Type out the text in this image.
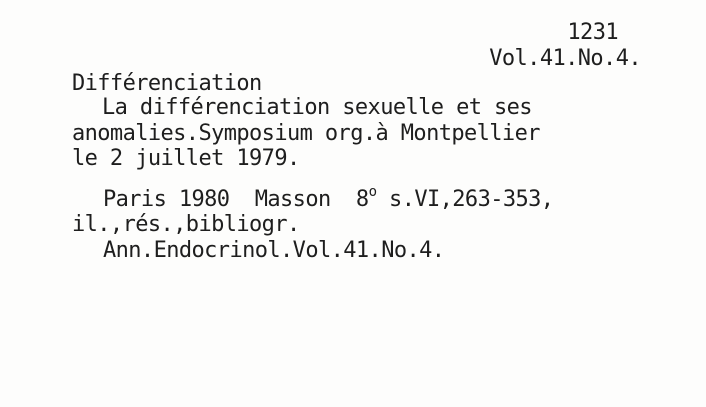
1231
Vol.41.No.4.
Différenciation
La différenciation sexuelle et ses
anomalies.Symposium org.à Montpellier
le 2 juillet 1979.
Paris 1980  Masson  8$^o$ s.VI,263-353,
il.,rés.,bibliogr.
Ann.Endocrinol.Vol.41.No.4.
